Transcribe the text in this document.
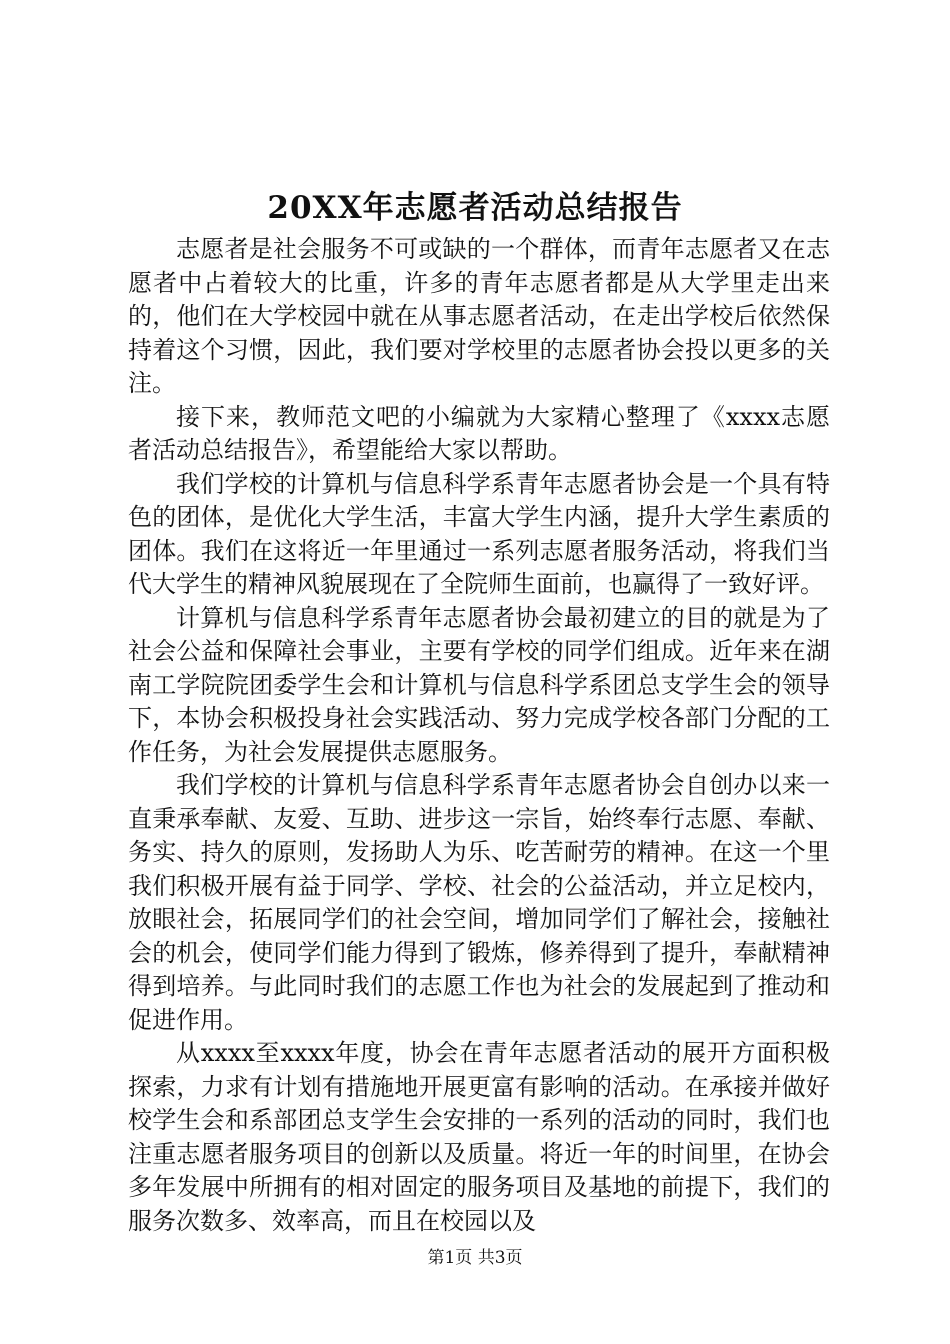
20XX年志愿者活动总结报告

志愿者是社会服务不可或缺的一个群体，而青年志愿者又在志愿者中占着较大的比重，许多的青年志愿者都是从大学里走出来的，他们在大学校园中就在从事志愿者活动，在走出学校后依然保持着这个习惯，因此，我们要对学校里的志愿者协会投以更多的关注。

接下来，教师范文吧的小编就为大家精心整理了《xxxx志愿者活动总结报告》，希望能给大家以帮助。

我们学校的计算机与信息科学系青年志愿者协会是一个具有特色的团体，是优化大学生活，丰富大学生内涵，提升大学生素质的团体。我们在这将近一年里通过一系列志愿者服务活动，将我们当代大学生的精神风貌展现在了全院师生面前，也赢得了一致好评。

计算机与信息科学系青年志愿者协会最初建立的目的就是为了社会公益和保障社会事业，主要有学校的同学们组成。近年来在湖南工学院院团委学生会和计算机与信息科学系团总支学生会的领导下，本协会积极投身社会实践活动、努力完成学校各部门分配的工作任务，为社会发展提供志愿服务。

我们学校的计算机与信息科学系青年志愿者协会自创办以来一直秉承奉献、友爱、互助、进步这一宗旨，始终奉行志愿、奉献、务实、持久的原则，发扬助人为乐、吃苦耐劳的精神。在这一个里我们积极开展有益于同学、学校、社会的公益活动，并立足校内，放眼社会，拓展同学们的社会空间，增加同学们了解社会，接触社会的机会，使同学们能力得到了锻炼，修养得到了提升，奉献精神得到培养。与此同时我们的志愿工作也为社会的发展起到了推动和促进作用。

从xxxx至xxxx年度，协会在青年志愿者活动的展开方面积极探索，力求有计划有措施地开展更富有影响的活动。在承接并做好校学生会和系部团总支学生会安排的一系列的活动的同时，我们也注重志愿者服务项目的创新以及质量。将近一年的时间里，在协会多年发展中所拥有的相对固定的服务项目及基地的前提下，我们的服务次数多、效率高，而且在校园以及

第1页 共3页
